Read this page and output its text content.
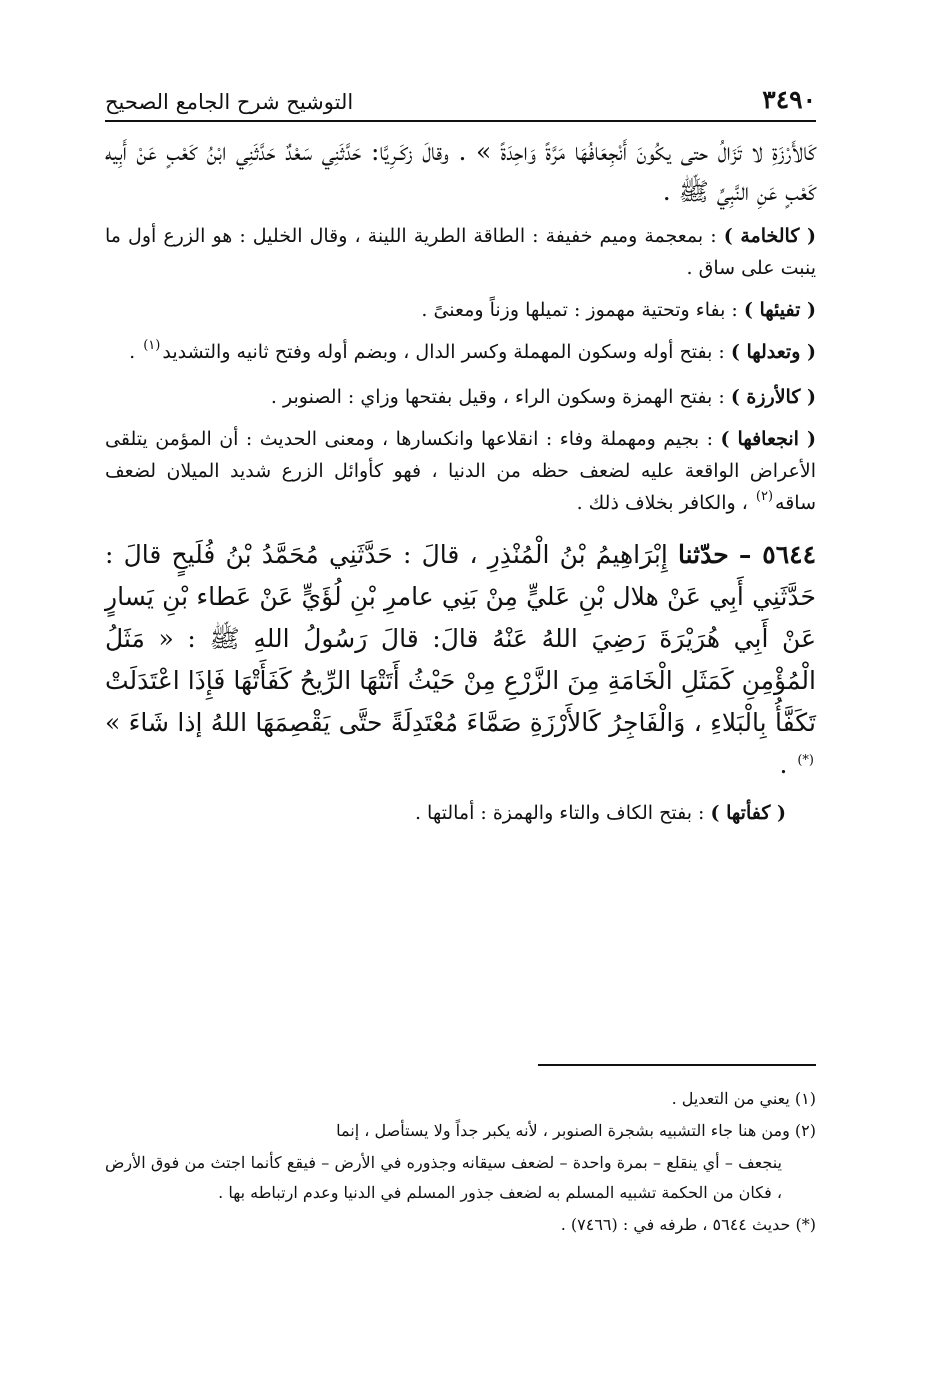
٣٤٩٠
التوشيح شرح الجامع الصحيح

كَالأَرْزَةِ لا تَزَالُ حتى يكُونَ أَنْجِعَافُهَا مَرَّةً وَاحِدَةً » . وقالَ زكَـرِيَّا: حَدَّثَنِي سَعْدٌ حَدَّثَنِي ابْنُ كَعْبٍ عَنْ أَبِيه كَعْبٍ عَنِ النَّبِيِّ ﷺ .

( كالخامة ) : بمعجمة وميم خفيفة : الطاقة الطرية اللينة ، وقال الخليل : هو الزرع أول ما ينبت على ساق .

( تفيئها ) : بفاء وتحتية مهموز : تميلها وزناً ومعنىً .

( وتعدلها ) : بفتح أوله وسكون المهملة وكسر الدال ، وبضم أوله وفتح ثانيه والتشديد$^{(١)}$ .

( كالأرزة ) : بفتح الهمزة وسكون الراء ، وقيل بفتحها وزاي : الصنوبر .

( انجعافها ) : بجيم ومهملة وفاء : انقلاعها وانكسارها ، ومعنى الحديث : أن المؤمن يتلقى الأعراض الواقعة عليه لضعف حظه من الدنيا ، فهو كأوائل الزرع شديد الميلان لضعف ساقه$^{(٢)}$ ، والكافر بخلاف ذلك .

٥٦٤٤ – حدّثنا إِبْرَاهِيمُ بْنُ الْمُنْذِرِ ، قالَ : حَدَّثَنِي مُحَمَّدُ بْنُ فُلَيحٍ قالَ : حَدَّثَنِي أَبِي عَنْ هلال بْنِ عَليٍّ مِنْ بَنِي عامرِ بْنِ لُؤَيٍّ عَنْ عَطاء بْنِ يَسارٍ عَنْ أَبِي هُرَيْرَةَ رَضِيَ اللهُ عَنْهُ قالَ: قالَ رَسُولُ اللهِ ﷺ : « مَثَلُ الْمُؤْمِنِ كَمَثَلِ الْخَامَةِ مِنَ الزَّرْعِ مِنْ حَيْثُ أَتَتْهَا الرِّيحُ كَفَأَتْهَا فَإِذَا اعْتَدَلَتْ تَكَفَّأُ بِالْبَلاءِ ، وَالْفَاجِرُ كَالأَرْزَةِ صَمَّاءَ مُعْتَدِلَةً حتَّى يَقْصِمَهَا اللهُ إذا شَاءَ » (*) .

( كفأتها ) : بفتح الكاف والتاء والهمزة : أمالتها .

(١) يعني من التعديل .

(٢) ومن هنا جاء التشبيه بشجرة الصنوبر ، لأنه يكبر جداً ولا يستأصل ، إنما

ينجعف – أي ينقلع – بمرة واحدة – لضعف سيقانه وجذوره في الأرض – فيقع كأنما اجتث من فوق الأرض ، فكان من الحكمة تشبيه المسلم به لضعف جذور المسلم في الدنيا وعدم ارتباطه بها .

(*) حديث ٥٦٤٤ ، طرفه في : (٧٤٦٦) .
